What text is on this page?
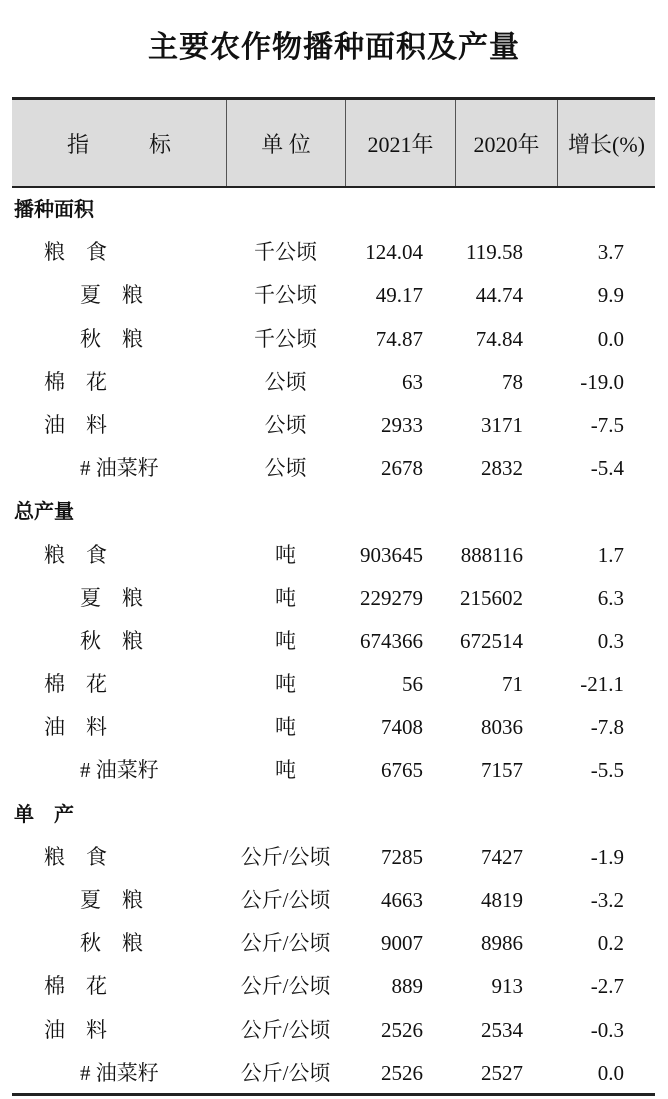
主要农作物播种面积及产量
指	标	单 位	2021年	2020年	增长(%)
播种面积
粮　食	千公顷	124.04	119.58	3.7
夏　粮	千公顷	49.17	44.74	9.9
秋　粮	千公顷	74.87	74.84	0.0
棉　花	公顷	63	78	-19.0
油　料	公顷	2933	3171	-7.5
# 油菜籽	公顷	2678	2832	-5.4
总产量
粮　食	吨	903645 888116	1.7
夏　粮	吨	229279 215602	6.3
秋　粮	吨	674366 672514	0.3
棉　花	吨	56	71	-21.1
油　料	吨	7408	8036	-7.8
# 油菜籽	吨	6765	7157	-5.5
单　产
粮　食	公斤/公顷	7285	7427	-1.9
夏　粮	公斤/公顷	4663	4819	-3.2
秋　粮	公斤/公顷	9007	8986	0.2
棉　花	公斤/公顷	889	913	-2.7
油　料	公斤/公顷	2526	2534	-0.3
# 油菜籽	公斤/公顷	2526	2527	0.0
